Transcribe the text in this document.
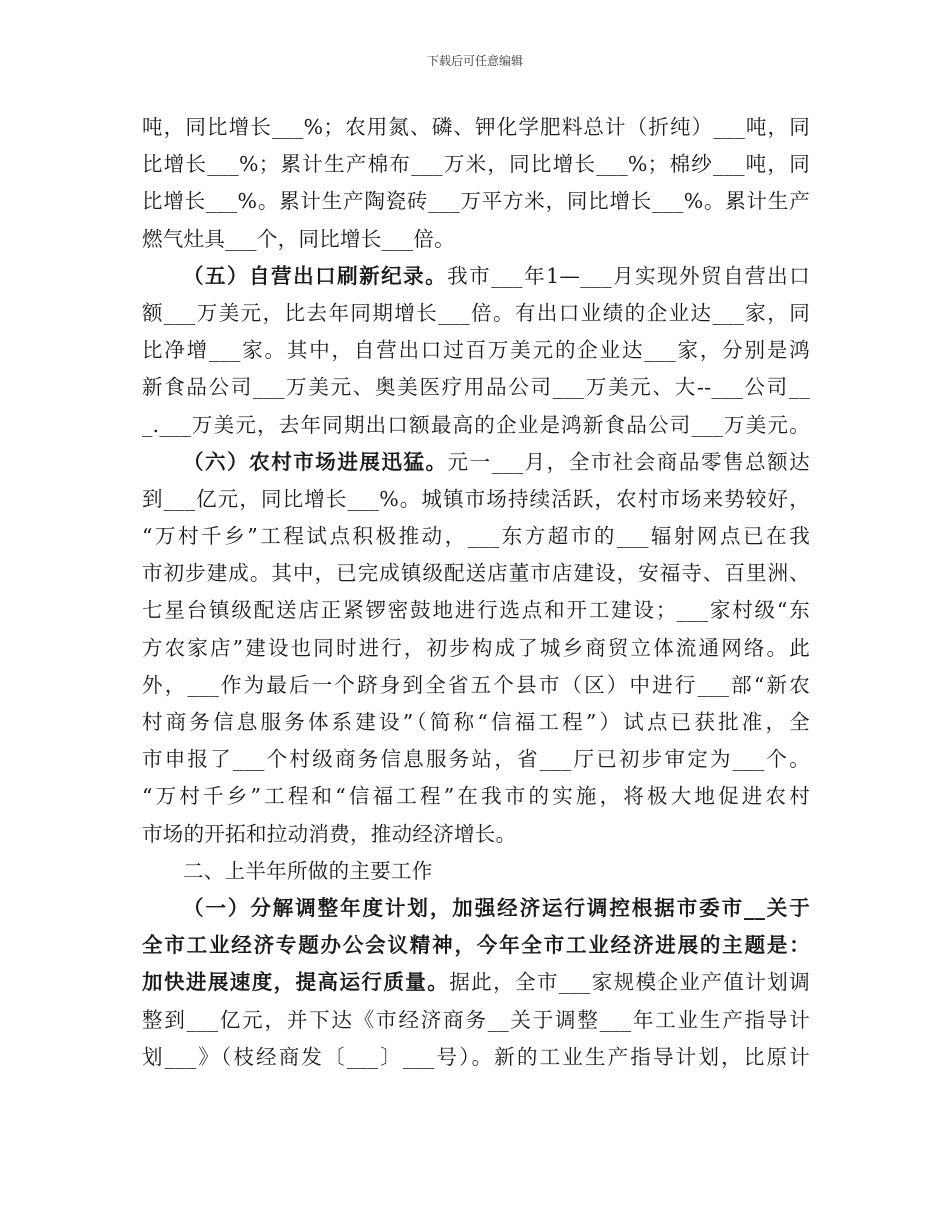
下载后可任意编辑
吨，同比增长___%；农用氮、磷、钾化学肥料总计（折纯）___吨，同
比增长___%；累计生产棉布___万米，同比增长___%；棉纱___吨，同
比增长___%。累计生产陶瓷砖___万平方米，同比增长___%。累计生产
燃气灶具___个，同比增长___倍。
（五）自营出口刷新纪录。我市___年1—___月实现外贸自营出口
额___万美元，比去年同期增长___倍。有出口业绩的企业达___家，同
比净增___家。其中，自营出口过百万美元的企业达___家，分别是鸿
新食品公司___万美元、奥美医疗用品公司___万美元、大--___公司__
_.___万美元，去年同期出口额最高的企业是鸿新食品公司___万美元。
（六）农村市场进展迅猛。元一___月，全市社会商品零售总额达
到___亿元，同比增长___%。城镇市场持续活跃，农村市场来势较好，
“万村千乡”工程试点积极推动，___东方超市的___辐射网点已在我
市初步建成。其中，已完成镇级配送店董市店建设，安福寺、百里洲、
七星台镇级配送店正紧锣密鼓地进行选点和开工建设；___家村级“东
方农家店”建设也同时进行，初步构成了城乡商贸立体流通网络。此
外，___作为最后一个跻身到全省五个县市（区）中进行___部“新农
村商务信息服务体系建设”（简称“信福工程”）试点已获批准，全
市申报了___个村级商务信息服务站，省___厅已初步审定为___个。
“万村千乡”工程和“信福工程”在我市的实施，将极大地促进农村
市场的开拓和拉动消费，推动经济增长。
二、上半年所做的主要工作
（一）分解调整年度计划，加强经济运行调控根据市委市__关于
全市工业经济专题办公会议精神，今年全市工业经济进展的主题是：
加快进展速度，提高运行质量。据此，全市___家规模企业产值计划调
整到___亿元，并下达《市经济商务__关于调整___年工业生产指导计
划___》（枝经商发〔___〕___号）。新的工业生产指导计划，比原计
